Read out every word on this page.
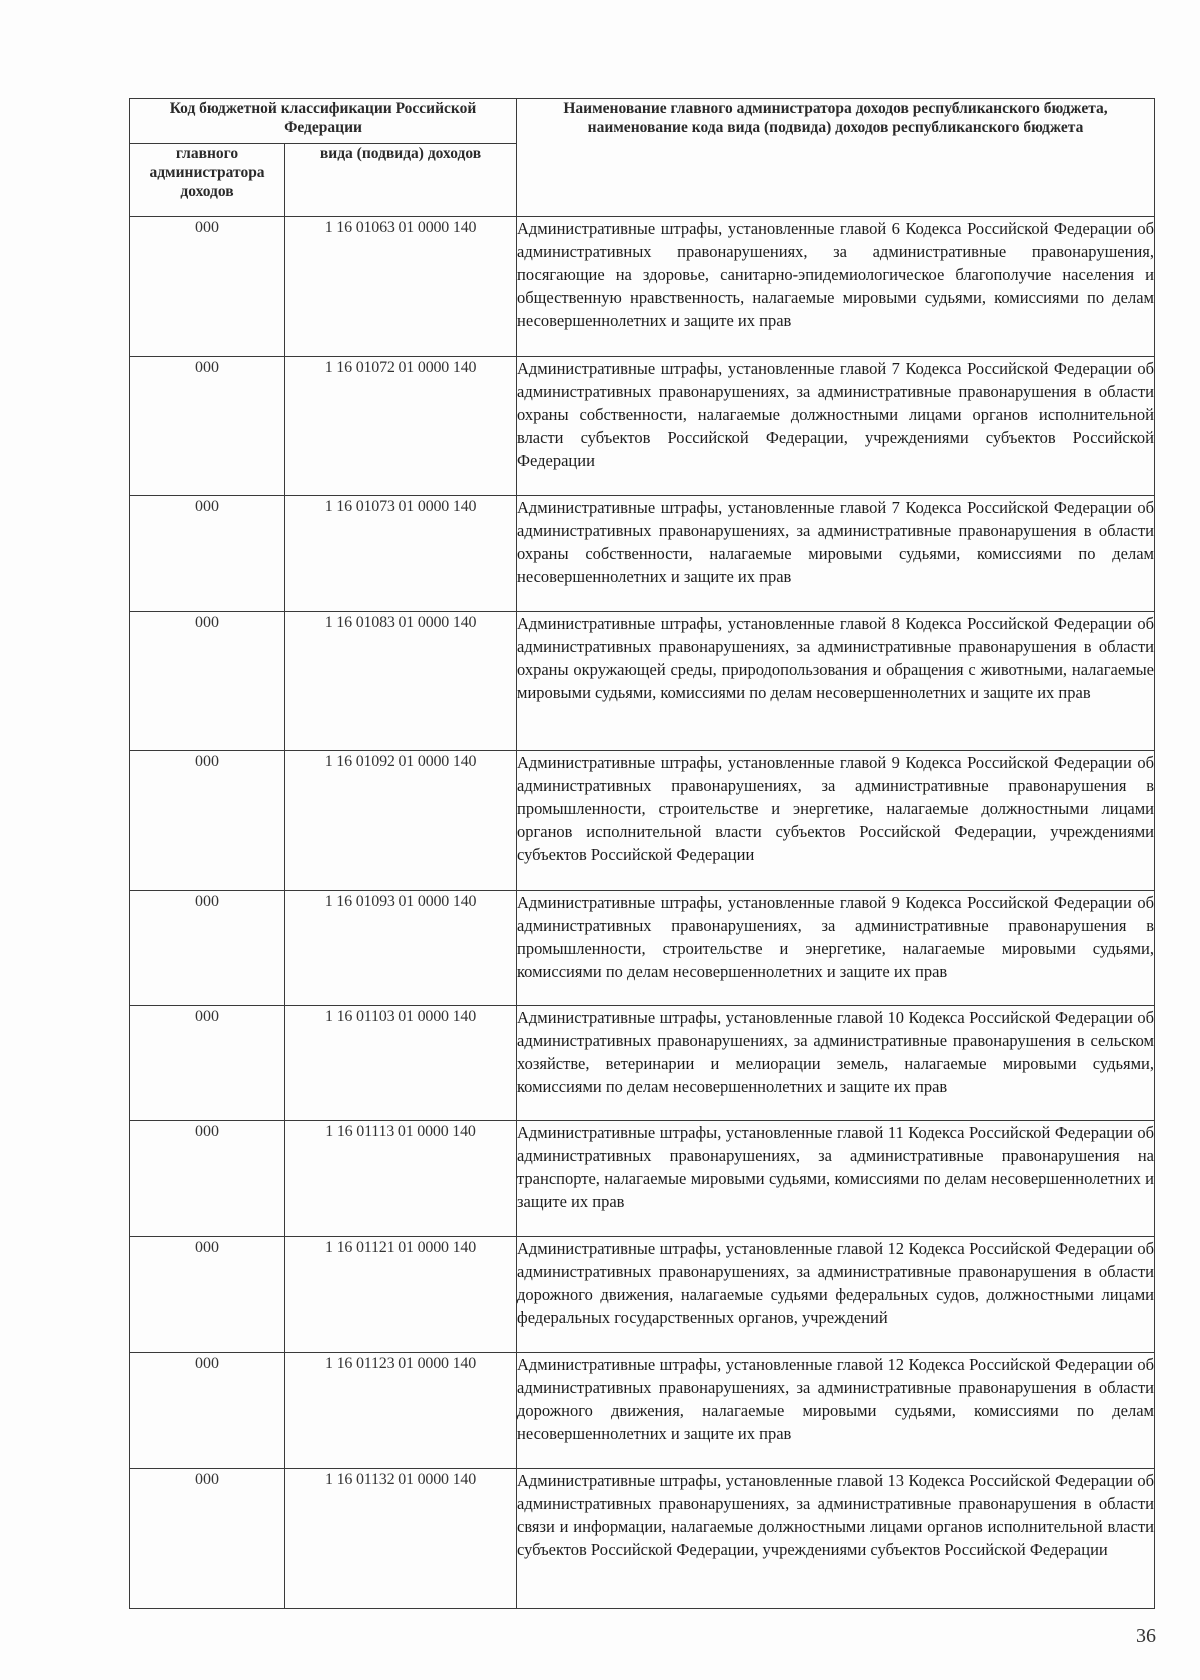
Код бюджетной классификации Российской Федерации		Наименование главного администратора доходов республиканского бюджета, наименование кода вида (подвида) доходов республиканского бюджета
главного администратора доходов	вида (подвида) доходов	
000	1 16 01063 01 0000 140	Административные штрафы, установленные главой 6 Кодекса Российской Федерации об административных правонарушениях, за административные правонарушения, посягающие на здоровье, санитарно-эпидемиологическое благополучие населения и общественную нравственность, налагаемые мировыми судьями, комиссиями по делам несовершеннолетних и защите их прав
000	1 16 01072 01 0000 140	Административные штрафы, установленные главой 7 Кодекса Российской Федерации об административных правонарушениях, за административные правонарушения в области охраны собственности, налагаемые должностными лицами органов исполнительной власти субъектов Российской Федерации, учреждениями субъектов Российской Федерации
000	1 16 01073 01 0000 140	Административные штрафы, установленные главой 7 Кодекса Российской Федерации об административных правонарушениях, за административные правонарушения в области охраны собственности, налагаемые мировыми судьями, комиссиями по делам несовершеннолетних и защите их прав
000	1 16 01083 01 0000 140	Административные штрафы, установленные главой 8 Кодекса Российской Федерации об административных правонарушениях, за административные правонарушения в области охраны окружающей среды, природопользования и обращения с животными, налагаемые мировыми судьями, комиссиями по делам несовершеннолетних и защите их прав
000	1 16 01092 01 0000 140	Административные штрафы, установленные главой 9 Кодекса Российской Федерации об административных правонарушениях, за административные правонарушения в промышленности, строительстве и энергетике, налагаемые должностными лицами органов исполнительной власти субъектов Российской Федерации, учреждениями субъектов Российской Федерации
000	1 16 01093 01 0000 140	Административные штрафы, установленные главой 9 Кодекса Российской Федерации об административных правонарушениях, за административные правонарушения в промышленности, строительстве и энергетике, налагаемые мировыми судьями, комиссиями по делам несовершеннолетних и защите их прав
000	1 16 01103 01 0000 140	Административные штрафы, установленные главой 10 Кодекса Российской Федерации об административных правонарушениях, за административные правонарушения в сельском хозяйстве, ветеринарии и мелиорации земель, налагаемые мировыми судьями, комиссиями по делам несовершеннолетних и защите их прав
000	1 16 01113 01 0000 140	Административные штрафы, установленные главой 11 Кодекса Российской Федерации об административных правонарушениях, за административные правонарушения на транспорте, налагаемые мировыми судьями, комиссиями по делам несовершеннолетних и защите их прав
000	1 16 01121 01 0000 140	Административные штрафы, установленные главой 12 Кодекса Российской Федерации об административных правонарушениях, за административные правонарушения в области дорожного движения, налагаемые судьями федеральных судов, должностными лицами федеральных государственных органов, учреждений
000	1 16 01123 01 0000 140	Административные штрафы, установленные главой 12 Кодекса Российской Федерации об административных правонарушениях, за административные правонарушения в области дорожного движения, налагаемые мировыми судьями, комиссиями по делам несовершеннолетних и защите их прав
000	1 16 01132 01 0000 140	Административные штрафы, установленные главой 13 Кодекса Российской Федерации об административных правонарушениях, за административные правонарушения в области связи и информации, налагаемые должностными лицами органов исполнительной власти субъектов Российской Федерации, учреждениями субъектов Российской Федерации
36
